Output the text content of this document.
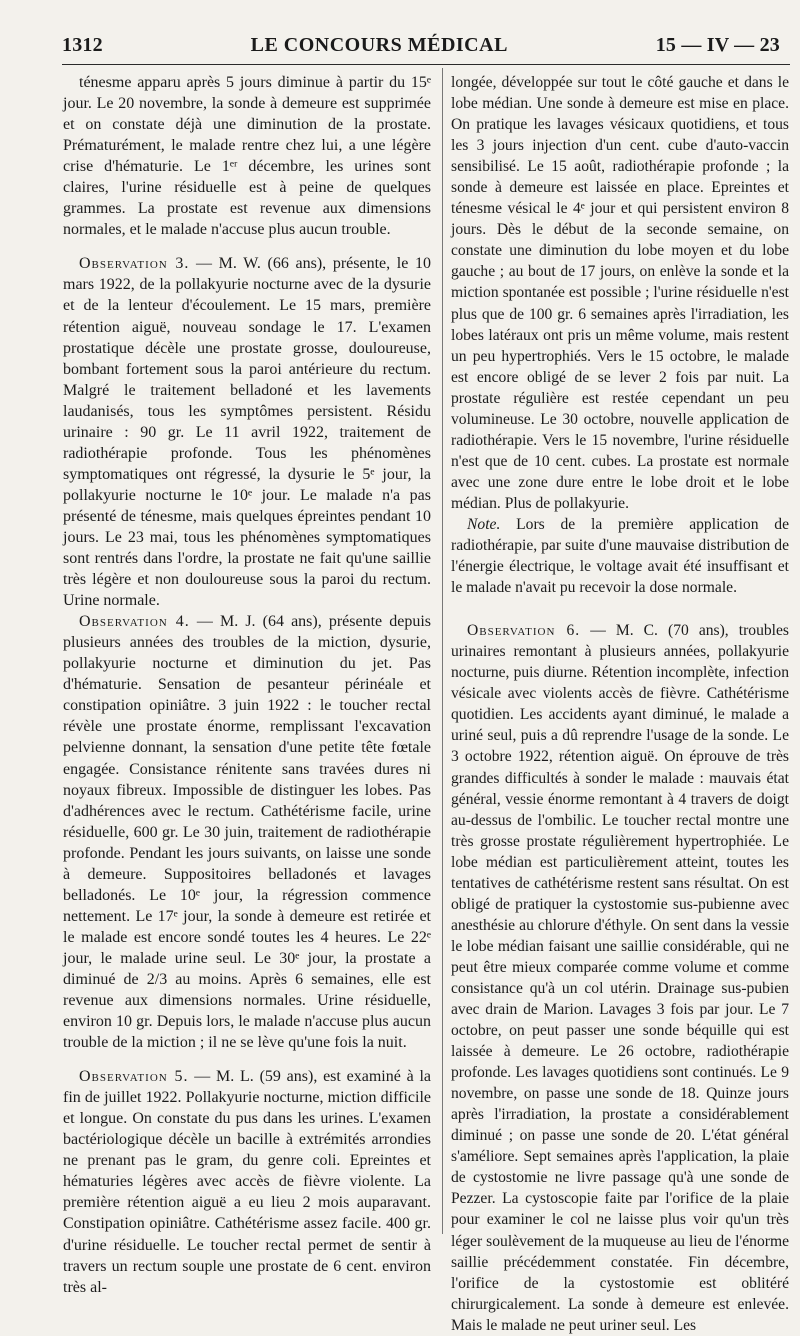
1312	LE CONCOURS MÉDICAL	15 — IV — 23

ténesme apparu après 5 jours diminue à partir du 15ᵉ jour. Le 20 novembre, la sonde à demeure est supprimée et on constate déjà une diminution de la prostate. Prématurément, le malade rentre chez lui, a une légère crise d'hématurie. Le 1ᵉʳ décembre, les urines sont claires, l'urine résiduelle est à peine de quelques grammes. La prostate est revenue aux dimensions normales, et le malade n'accuse plus aucun trouble.

Observation 3. — M. W. (66 ans), présente, le 10 mars 1922, de la pollakyurie nocturne avec de la dysurie et de la lenteur d'écoulement. Le 15 mars, première rétention aiguë, nouveau sondage le 17. L'examen prostatique décèle une prostate grosse, douloureuse, bombant fortement sous la paroi antérieure du rectum. Malgré le traitement belladoné et les lavements laudanisés, tous les symptômes persistent. Résidu urinaire : 90 gr. Le 11 avril 1922, traitement de radiothérapie profonde. Tous les phénomènes symptomatiques ont régressé, la dysurie le 5ᵉ jour, la pollakyurie nocturne le 10ᵉ jour. Le malade n'a pas présenté de ténesme, mais quelques épreintes pendant 10 jours. Le 23 mai, tous les phénomènes symptomatiques sont rentrés dans l'ordre, la prostate ne fait qu'une saillie très légère et non douloureuse sous la paroi du rectum. Urine normale.

Observation 4. — M. J. (64 ans), présente depuis plusieurs années des troubles de la miction, dysurie, pollakyurie nocturne et diminution du jet. Pas d'hématurie. Sensation de pesanteur périnéale et constipation opiniâtre. 3 juin 1922 : le toucher rectal révèle une prostate énorme, remplissant l'excavation pelvienne donnant, la sensation d'une petite tête fœtale engagée. Consistance rénitente sans travées dures ni noyaux fibreux. Impossible de distinguer les lobes. Pas d'adhérences avec le rectum. Cathétérisme facile, urine résiduelle, 600 gr. Le 30 juin, traitement de radiothérapie profonde. Pendant les jours suivants, on laisse une sonde à demeure. Suppositoires belladonés et lavages belladonés. Le 10ᵉ jour, la régression commence nettement. Le 17ᵉ jour, la sonde à demeure est retirée et le malade est encore sondé toutes les 4 heures. Le 22ᵉ jour, le malade urine seul. Le 30ᵉ jour, la prostate a diminué de 2/3 au moins. Après 6 semaines, elle est revenue aux dimensions normales. Urine résiduelle, environ 10 gr. Depuis lors, le malade n'accuse plus aucun trouble de la miction ; il ne se lève qu'une fois la nuit.

Observation 5. — M. L. (59 ans), est examiné à la fin de juillet 1922. Pollakyurie nocturne, miction difficile et longue. On constate du pus dans les urines. L'examen bactériologique décèle un bacille à extrémités arrondies ne prenant pas le gram, du genre coli. Epreintes et hématuries légères avec accès de fièvre violente. La première rétention aiguë a eu lieu 2 mois auparavant. Constipation opiniâtre. Cathétérisme assez facile. 400 gr. d'urine résiduelle. Le toucher rectal permet de sentir à travers un rectum souple une prostate de 6 cent. environ très al-

longée, développée sur tout le côté gauche et dans le lobe médian. Une sonde à demeure est mise en place. On pratique les lavages vésicaux quotidiens, et tous les 3 jours injection d'un cent. cube d'auto-vaccin sensibilisé. Le 15 août, radiothérapie profonde ; la sonde à demeure est laissée en place. Epreintes et ténesme vésical le 4ᵉ jour et qui persistent environ 8 jours. Dès le début de la seconde semaine, on constate une diminution du lobe moyen et du lobe gauche ; au bout de 17 jours, on enlève la sonde et la miction spontanée est possible ; l'urine résiduelle n'est plus que de 100 gr. 6 semaines après l'irradiation, les lobes latéraux ont pris un même volume, mais restent un peu hypertrophiés. Vers le 15 octobre, le malade est encore obligé de se lever 2 fois par nuit. La prostate régulière est restée cependant un peu volumineuse. Le 30 octobre, nouvelle application de radiothérapie. Vers le 15 novembre, l'urine résiduelle n'est que de 10 cent. cubes. La prostate est normale avec une zone dure entre le lobe droit et le lobe médian. Plus de pollakyurie.

Note. Lors de la première application de radiothérapie, par suite d'une mauvaise distribution de l'énergie électrique, le voltage avait été insuffisant et le malade n'avait pu recevoir la dose normale.

Observation 6. — M. C. (70 ans), troubles urinaires remontant à plusieurs années, pollakyurie nocturne, puis diurne. Rétention incomplète, infection vésicale avec violents accès de fièvre. Cathétérisme quotidien. Les accidents ayant diminué, le malade a uriné seul, puis a dû reprendre l'usage de la sonde. Le 3 octobre 1922, rétention aiguë. On éprouve de très grandes difficultés à sonder le malade : mauvais état général, vessie énorme remontant à 4 travers de doigt au-dessus de l'ombilic. Le toucher rectal montre une très grosse prostate régulièrement hypertrophiée. Le lobe médian est particulièrement atteint, toutes les tentatives de cathétérisme restent sans résultat. On est obligé de pratiquer la cystostomie sus-pubienne avec anesthésie au chlorure d'éthyle. On sent dans la vessie le lobe médian faisant une saillie considérable, qui ne peut être mieux comparée comme volume et comme consistance qu'à un col utérin. Drainage sus-pubien avec drain de Marion. Lavages 3 fois par jour. Le 7 octobre, on peut passer une sonde béquille qui est laissée à demeure. Le 26 octobre, radiothérapie profonde. Les lavages quotidiens sont continués. Le 9 novembre, on passe une sonde de 18. Quinze jours après l'irradiation, la prostate a considérablement diminué ; on passe une sonde de 20. L'état général s'améliore. Sept semaines après l'application, la plaie de cystostomie ne livre passage qu'à une sonde de Pezzer. La cystoscopie faite par l'orifice de la plaie pour examiner le col ne laisse plus voir qu'un très léger soulèvement de la muqueuse au lieu de l'énorme saillie précédemment constatée. Fin décembre, l'orifice de la cystostomie est oblitéré chirurgicalement. La sonde à demeure est enlevée. Mais le malade ne peut uriner seul. Les
